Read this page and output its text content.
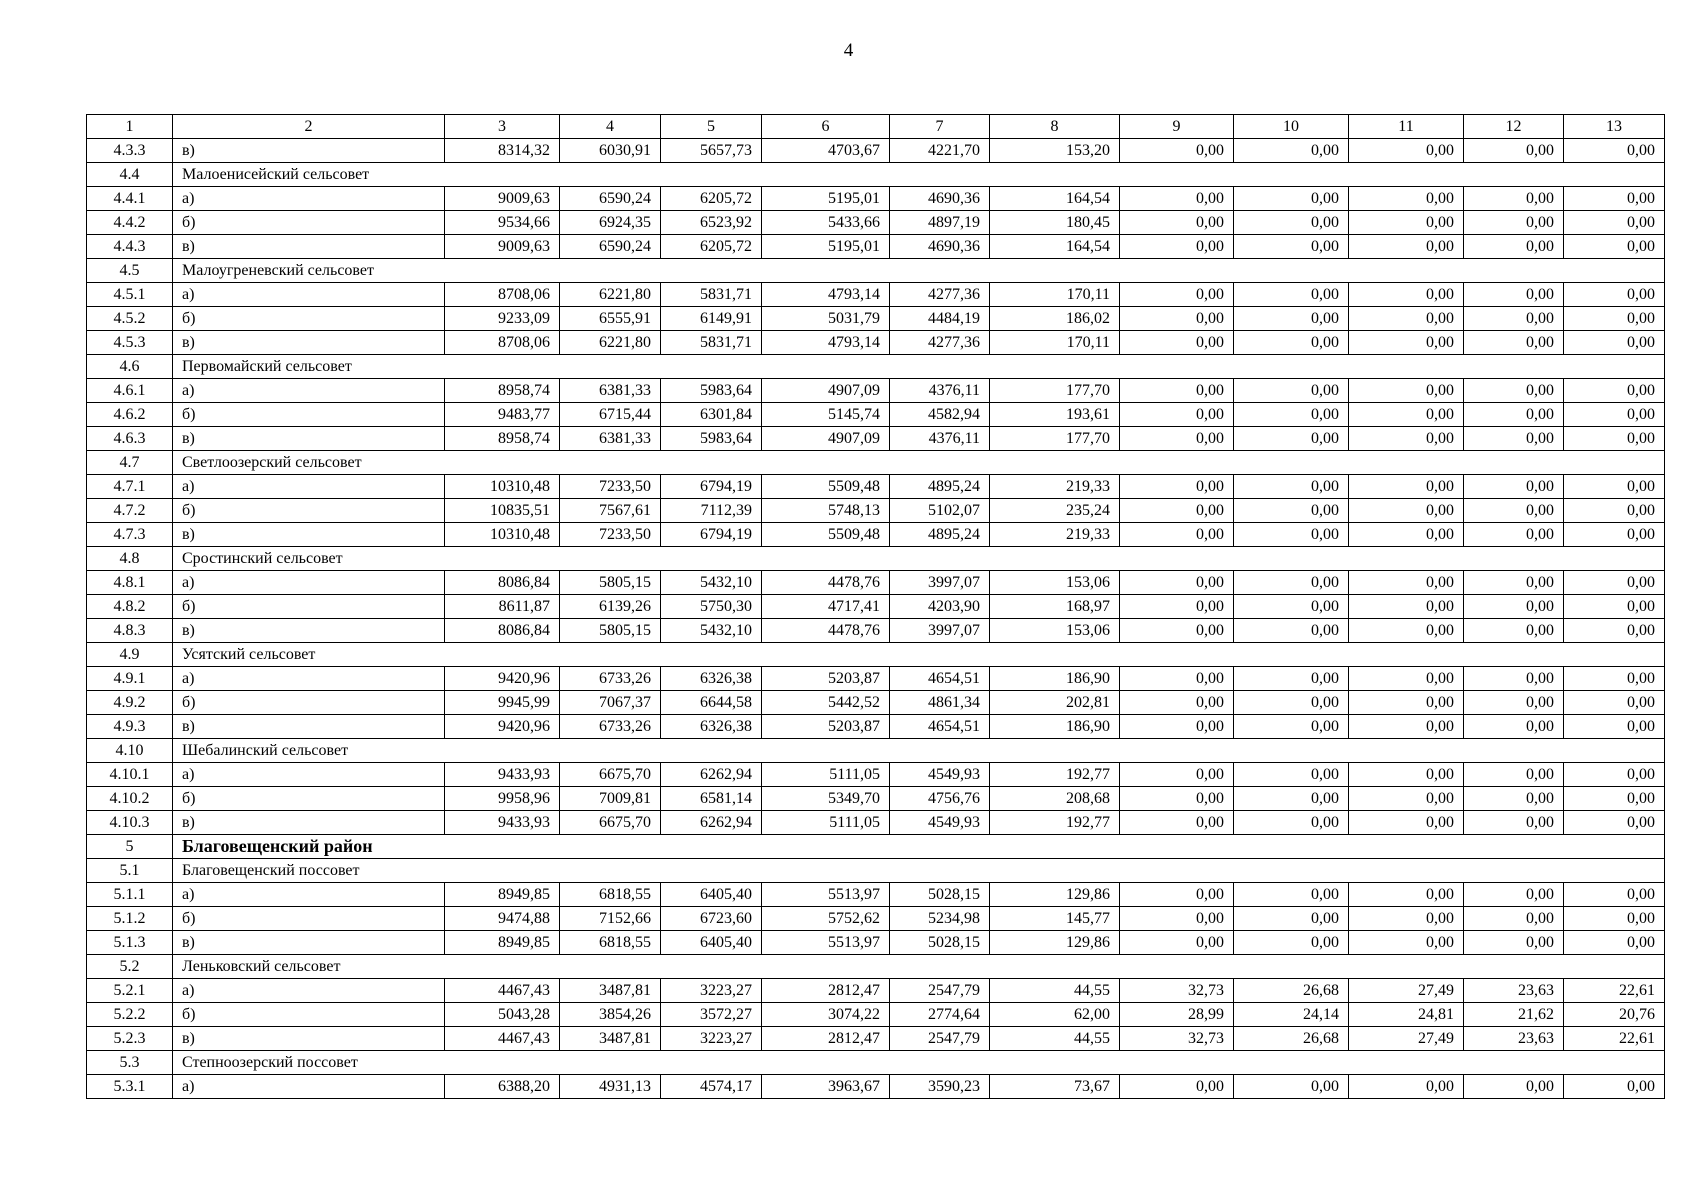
4
1	2	3	4	5	6	7	8	9	10	11	12	13
4.3.3	в)	8314,32	6030,91	5657,73	4703,67	4221,70	153,20	0,00	0,00	0,00	0,00	0,00
4.4	Малоенисейский сельсовет											
4.4.1	а)	9009,63	6590,24	6205,72	5195,01	4690,36	164,54	0,00	0,00	0,00	0,00	0,00
4.4.2	б)	9534,66	6924,35	6523,92	5433,66	4897,19	180,45	0,00	0,00	0,00	0,00	0,00
4.4.3	в)	9009,63	6590,24	6205,72	5195,01	4690,36	164,54	0,00	0,00	0,00	0,00	0,00
4.5	Малоугреневский сельсовет											
4.5.1	а)	8708,06	6221,80	5831,71	4793,14	4277,36	170,11	0,00	0,00	0,00	0,00	0,00
4.5.2	б)	9233,09	6555,91	6149,91	5031,79	4484,19	186,02	0,00	0,00	0,00	0,00	0,00
4.5.3	в)	8708,06	6221,80	5831,71	4793,14	4277,36	170,11	0,00	0,00	0,00	0,00	0,00
4.6	Первомайский сельсовет											
4.6.1	а)	8958,74	6381,33	5983,64	4907,09	4376,11	177,70	0,00	0,00	0,00	0,00	0,00
4.6.2	б)	9483,77	6715,44	6301,84	5145,74	4582,94	193,61	0,00	0,00	0,00	0,00	0,00
4.6.3	в)	8958,74	6381,33	5983,64	4907,09	4376,11	177,70	0,00	0,00	0,00	0,00	0,00
4.7	Светлоозерский сельсовет											
4.7.1	а)	10310,48	7233,50	6794,19	5509,48	4895,24	219,33	0,00	0,00	0,00	0,00	0,00
4.7.2	б)	10835,51	7567,61	7112,39	5748,13	5102,07	235,24	0,00	0,00	0,00	0,00	0,00
4.7.3	в)	10310,48	7233,50	6794,19	5509,48	4895,24	219,33	0,00	0,00	0,00	0,00	0,00
4.8	Сростинский сельсовет											
4.8.1	а)	8086,84	5805,15	5432,10	4478,76	3997,07	153,06	0,00	0,00	0,00	0,00	0,00
4.8.2	б)	8611,87	6139,26	5750,30	4717,41	4203,90	168,97	0,00	0,00	0,00	0,00	0,00
4.8.3	в)	8086,84	5805,15	5432,10	4478,76	3997,07	153,06	0,00	0,00	0,00	0,00	0,00
4.9	Усятский сельсовет											
4.9.1	а)	9420,96	6733,26	6326,38	5203,87	4654,51	186,90	0,00	0,00	0,00	0,00	0,00
4.9.2	б)	9945,99	7067,37	6644,58	5442,52	4861,34	202,81	0,00	0,00	0,00	0,00	0,00
4.9.3	в)	9420,96	6733,26	6326,38	5203,87	4654,51	186,90	0,00	0,00	0,00	0,00	0,00
4.10	Шебалинский сельсовет											
4.10.1	а)	9433,93	6675,70	6262,94	5111,05	4549,93	192,77	0,00	0,00	0,00	0,00	0,00
4.10.2	б)	9958,96	7009,81	6581,14	5349,70	4756,76	208,68	0,00	0,00	0,00	0,00	0,00
4.10.3	в)	9433,93	6675,70	6262,94	5111,05	4549,93	192,77	0,00	0,00	0,00	0,00	0,00
5	Благовещенский район											
5.1	Благовещенский поссовет											
5.1.1	а)	8949,85	6818,55	6405,40	5513,97	5028,15	129,86	0,00	0,00	0,00	0,00	0,00
5.1.2	б)	9474,88	7152,66	6723,60	5752,62	5234,98	145,77	0,00	0,00	0,00	0,00	0,00
5.1.3	в)	8949,85	6818,55	6405,40	5513,97	5028,15	129,86	0,00	0,00	0,00	0,00	0,00
5.2	Леньковский сельсовет											
5.2.1	а)	4467,43	3487,81	3223,27	2812,47	2547,79	44,55	32,73	26,68	27,49	23,63	22,61
5.2.2	б)	5043,28	3854,26	3572,27	3074,22	2774,64	62,00	28,99	24,14	24,81	21,62	20,76
5.2.3	в)	4467,43	3487,81	3223,27	2812,47	2547,79	44,55	32,73	26,68	27,49	23,63	22,61
5.3	Степноозерский поссовет											
5.3.1	а)	6388,20	4931,13	4574,17	3963,67	3590,23	73,67	0,00	0,00	0,00	0,00	0,00
